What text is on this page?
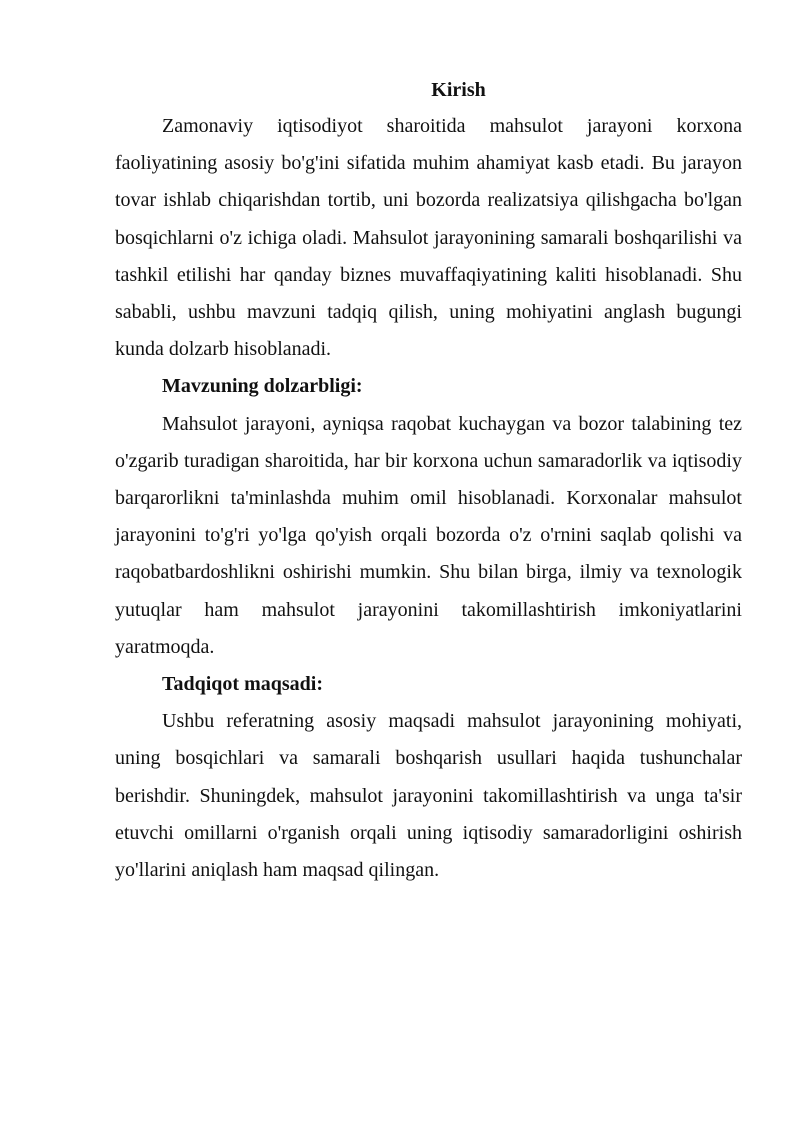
Kirish

Zamonaviy iqtisodiyot sharoitida mahsulot jarayoni korxona faoliyatining asosiy bo'g'ini sifatida muhim ahamiyat kasb etadi. Bu jarayon tovar ishlab chiqarishdan tortib, uni bozorda realizatsiya qilishgacha bo'lgan bosqichlarni o'z ichiga oladi. Mahsulot jarayonining samarali boshqarilishi va tashkil etilishi har qanday biznes muvaffaqiyatining kaliti hisoblanadi. Shu sababli, ushbu mavzuni tadqiq qilish, uning mohiyatini anglash bugungi kunda dolzarb hisoblanadi.

Mavzuning dolzarbligi:

Mahsulot jarayoni, ayniqsa raqobat kuchaygan va bozor talabining tez o'zgarib turadigan sharoitida, har bir korxona uchun samaradorlik va iqtisodiy barqarorlikni ta'minlashda muhim omil hisoblanadi. Korxonalar mahsulot jarayonini to'g'ri yo'lga qo'yish orqali bozorda o'z o'rnini saqlab qolishi va raqobatbardoshlikni oshirishi mumkin. Shu bilan birga, ilmiy va texnologik yutuqlar ham mahsulot jarayonini takomillashtirish imkoniyatlarini yaratmoqda.

Tadqiqot maqsadi:

Ushbu referatning asosiy maqsadi mahsulot jarayonining mohiyati, uning bosqichlari va samarali boshqarish usullari haqida tushunchalar berishdir. Shuningdek, mahsulot jarayonini takomillashtirish va unga ta'sir etuvchi omillarni o'rganish orqali uning iqtisodiy samaradorligini oshirish yo'llarini aniqlash ham maqsad qilingan.
